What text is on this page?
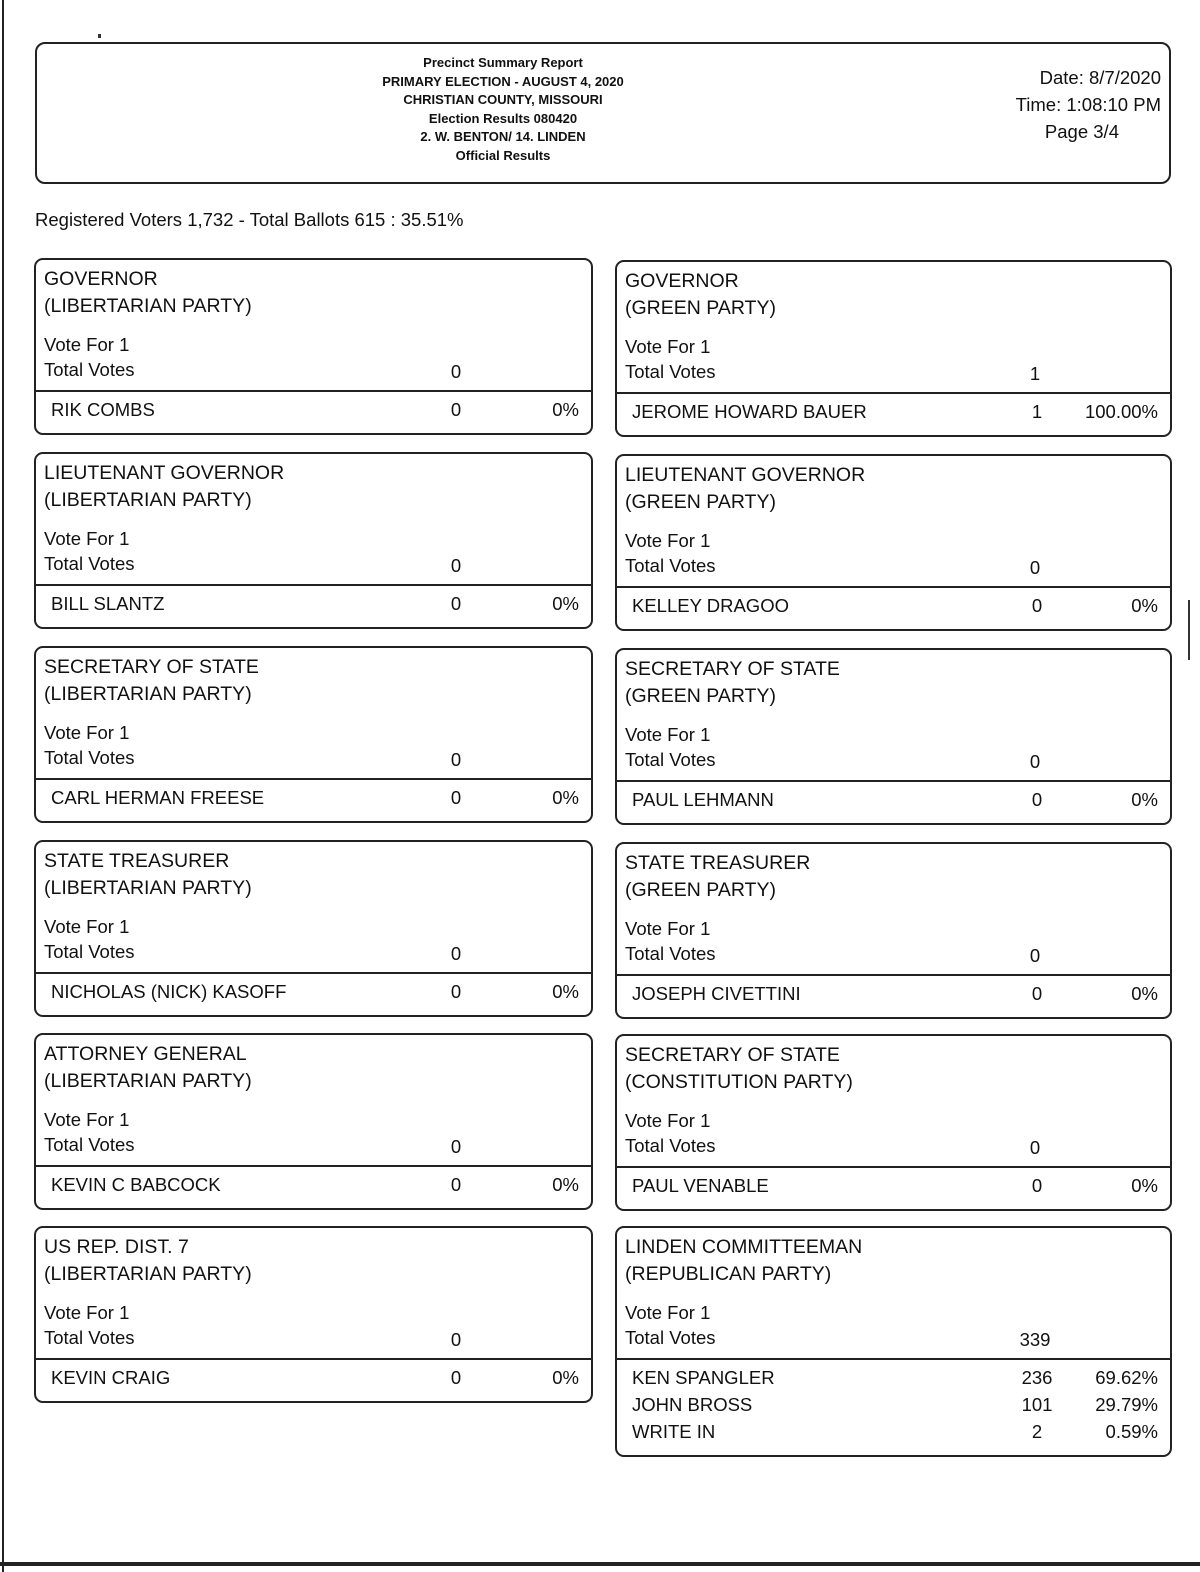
Precinct Summary Report
PRIMARY ELECTION - AUGUST 4, 2020
CHRISTIAN COUNTY, MISSOURI
Election Results 080420
2. W. BENTON/ 14. LINDEN
Official Results
Date: 8/7/2020
Time: 1:08:10 PM
Page 3/4
Registered Voters 1,732 - Total Ballots 615 : 35.51%
GOVERNOR
(LIBERTARIAN PARTY)
Vote For 1
Total Votes	0
RIK COMBS	0	0%
GOVERNOR
(GREEN PARTY)
Vote For 1
Total Votes	1
JEROME HOWARD BAUER	1	100.00%
LIEUTENANT GOVERNOR
(LIBERTARIAN PARTY)
Vote For 1
Total Votes	0
BILL SLANTZ	0	0%
LIEUTENANT GOVERNOR
(GREEN PARTY)
Vote For 1
Total Votes	0
KELLEY DRAGOO	0	0%
SECRETARY OF STATE
(LIBERTARIAN PARTY)
Vote For 1
Total Votes	0
CARL HERMAN FREESE	0	0%
SECRETARY OF STATE
(GREEN PARTY)
Vote For 1
Total Votes	0
PAUL LEHMANN	0	0%
STATE TREASURER
(LIBERTARIAN PARTY)
Vote For 1
Total Votes	0
NICHOLAS (NICK) KASOFF	0	0%
STATE TREASURER
(GREEN PARTY)
Vote For 1
Total Votes	0
JOSEPH CIVETTINI	0	0%
ATTORNEY GENERAL
(LIBERTARIAN PARTY)
Vote For 1
Total Votes	0
KEVIN C BABCOCK	0	0%
SECRETARY OF STATE
(CONSTITUTION PARTY)
Vote For 1
Total Votes	0
PAUL VENABLE	0	0%
US REP. DIST. 7
(LIBERTARIAN PARTY)
Vote For 1
Total Votes	0
KEVIN CRAIG	0	0%
LINDEN COMMITTEEMAN
(REPUBLICAN PARTY)
Vote For 1
Total Votes	339
KEN SPANGLER	236 69.62%
JOHN BROSS	101 29.79%
WRITE IN	2	0.59%
